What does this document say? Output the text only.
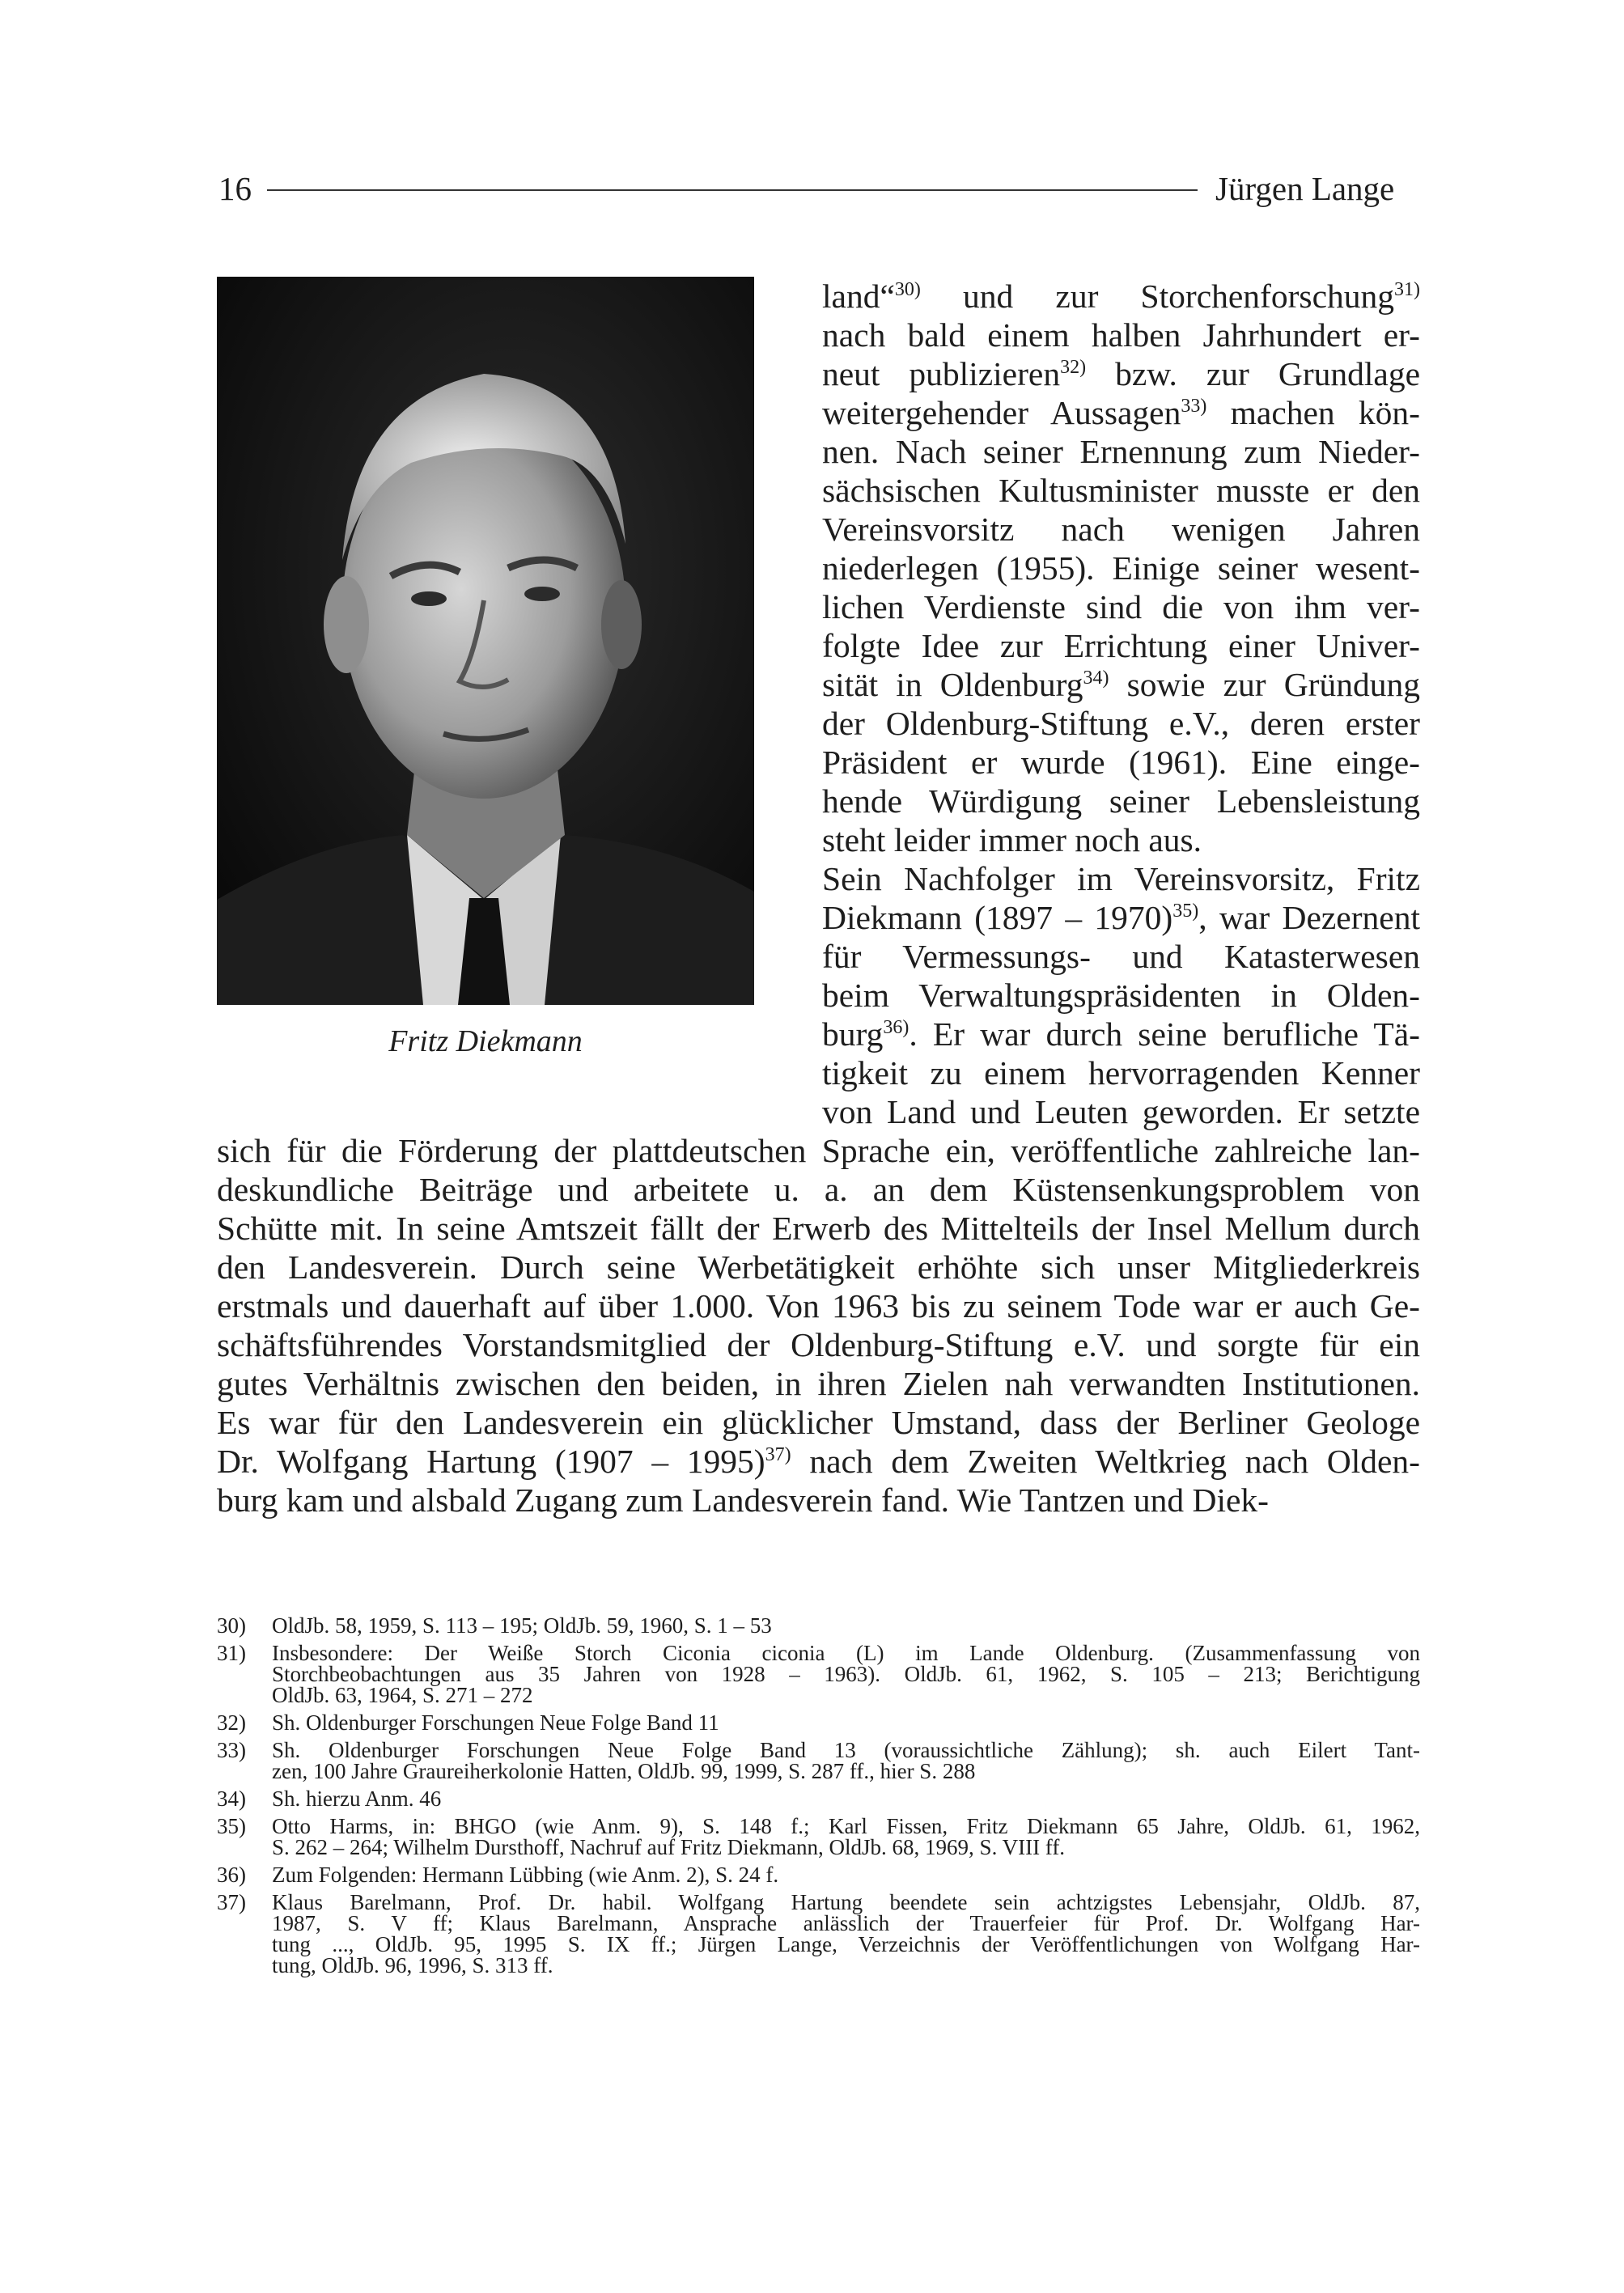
16	Jürgen Lange
Fritz Diekmann
land“$^{30)}$ und zur Storchenforschung$^{31)}$
nach bald einem halben Jahrhundert er-
neut publizieren$^{32)}$ bzw. zur Grundlage
weitergehender Aussagen$^{33)}$ machen kön-
nen. Nach seiner Ernennung zum Nieder-
sächsischen Kultusminister musste er den
Vereinsvorsitz nach wenigen Jahren
niederlegen (1955). Einige seiner wesent-
lichen Verdienste sind die von ihm ver-
folgte Idee zur Errichtung einer Univer-
sität in Oldenburg$^{34)}$ sowie zur Gründung
der Oldenburg-Stiftung e.V., deren erster
Präsident er wurde (1961). Eine einge-
hende Würdigung seiner Lebensleistung
steht leider immer noch aus.
Sein Nachfolger im Vereinsvorsitz, Fritz
Diekmann (1897 – 1970)$^{35)}$, war Dezernent
für Vermessungs- und Katasterwesen
beim Verwaltungspräsidenten in Olden-
burg$^{36)}$. Er war durch seine berufliche Tä-
tigkeit zu einem hervorragenden Kenner
von Land und Leuten geworden. Er setzte
sich für die Förderung der plattdeutschen Sprache ein, veröffentliche zahlreiche lan-
deskundliche Beiträge und arbeitete u. a. an dem Küstensenkungsproblem von
Schütte mit. In seine Amtszeit fällt der Erwerb des Mittelteils der Insel Mellum durch
den Landesverein. Durch seine Werbetätigkeit erhöhte sich unser Mitgliederkreis
erstmals und dauerhaft auf über 1.000. Von 1963 bis zu seinem Tode war er auch Ge-
schäftsführendes Vorstandsmitglied der Oldenburg-Stiftung e.V. und sorgte für ein
gutes Verhältnis zwischen den beiden, in ihren Zielen nah verwandten Institutionen.
Es war für den Landesverein ein glücklicher Umstand, dass der Berliner Geologe
Dr. Wolfgang Hartung (1907 – 1995)$^{37)}$ nach dem Zweiten Weltkrieg nach Olden-
burg kam und alsbald Zugang zum Landesverein fand. Wie Tantzen und Diek-
30) OldJb. 58, 1959, S. 113 – 195; OldJb. 59, 1960, S. 1 – 53
31) Insbesondere: Der Weiße Storch Ciconia ciconia (L) im Lande Oldenburg. (Zusammenfassung von
Storchbeobachtungen aus 35 Jahren von 1928 – 1963). OldJb. 61, 1962, S. 105 – 213; Berichtigung
OldJb. 63, 1964, S. 271 – 272
32) Sh. Oldenburger Forschungen Neue Folge Band 11
33) Sh. Oldenburger Forschungen Neue Folge Band 13 (voraussichtliche Zählung); sh. auch Eilert Tant-
zen, 100 Jahre Graureiherkolonie Hatten, OldJb. 99, 1999, S. 287 ff., hier S. 288
34) Sh. hierzu Anm. 46
35) Otto Harms, in: BHGO (wie Anm. 9), S. 148 f.; Karl Fissen, Fritz Diekmann 65 Jahre, OldJb. 61, 1962,
S. 262 – 264; Wilhelm Dursthoff, Nachruf auf Fritz Diekmann, OldJb. 68, 1969, S. VIII ff.
36) Zum Folgenden: Hermann Lübbing (wie Anm. 2), S. 24 f.
37) Klaus Barelmann, Prof. Dr. habil. Wolfgang Hartung beendete sein achtzigstes Lebensjahr, OldJb. 87,
1987, S. V ff; Klaus Barelmann, Ansprache anlässlich der Trauerfeier für Prof. Dr. Wolfgang Har-
tung ..., OldJb. 95, 1995 S. IX ff.; Jürgen Lange, Verzeichnis der Veröffentlichungen von Wolfgang Har-
tung, OldJb. 96, 1996, S. 313 ff.
